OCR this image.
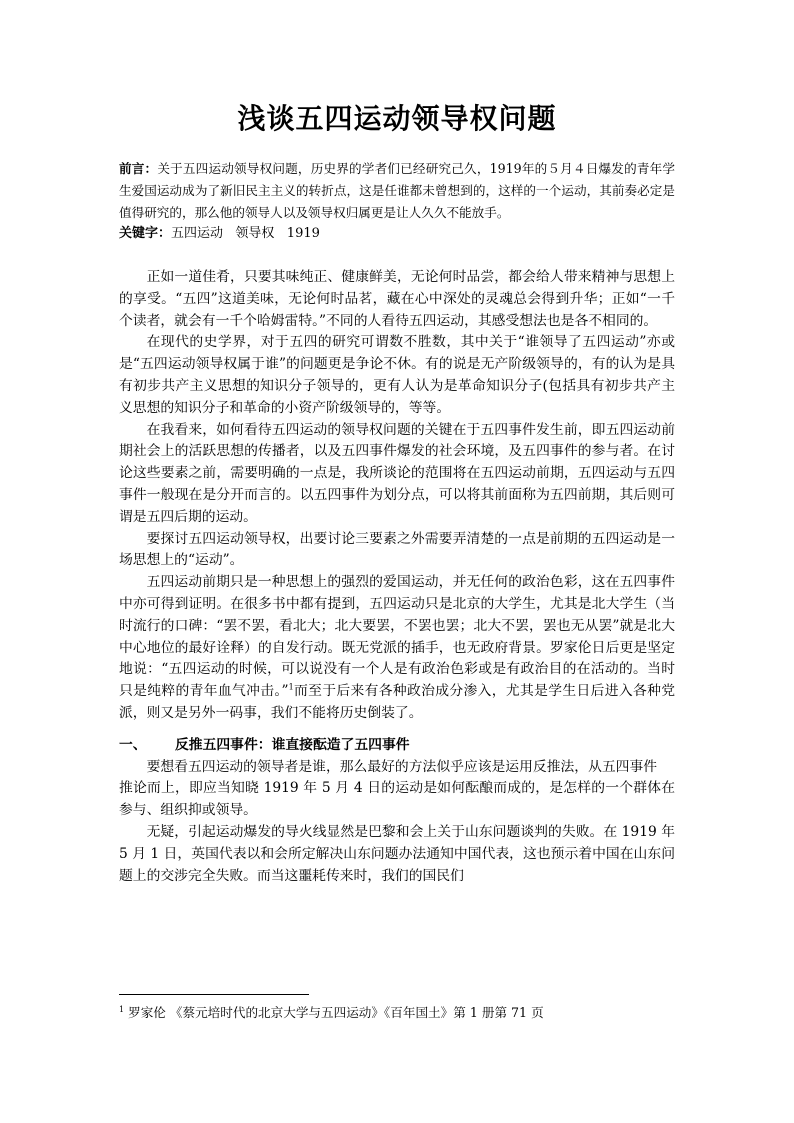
浅谈五四运动领导权问题

前言：关于五四运动领导权问题，历史界的学者们已经研究己久，1919年的５月４日爆发的青年学生爱国运动成为了新旧民主主义的转折点，这是任谁都未曾想到的，这样的一个运动，其前奏必定是值得研究的，那么他的领导人以及领导权归属更是让人久久不能放手。

关键字：五四运动   领导权   1919

正如一道佳肴，只要其味纯正、健康鲜美，无论何时品尝，都会给人带来精神与思想上的享受。“五四”这道美味，无论何时品茗，藏在心中深处的灵魂总会得到升华；正如“一千个读者，就会有一千个哈姆雷特。”不同的人看待五四运动，其感受想法也是各不相同的。

在现代的史学界，对于五四的研究可谓数不胜数，其中关于“谁领导了五四运动”亦或是“五四运动领导权属于谁”的问题更是争论不休。有的说是无产阶级领导的，有的认为是具有初步共产主义思想的知识分子领导的，更有人认为是革命知识分子(包括具有初步共产主义思想的知识分子和革命的小资产阶级领导的，等等。

在我看来，如何看待五四运动的领导权问题的关键在于五四事件发生前，即五四运动前期社会上的活跃思想的传播者，以及五四事件爆发的社会环境，及五四事件的参与者。在讨论这些要素之前，需要明确的一点是，我所谈论的范围将在五四运动前期，五四运动与五四事件一般现在是分开而言的。以五四事件为划分点，可以将其前面称为五四前期，其后则可谓是五四后期的运动。

要探讨五四运动领导权，出要讨论三要素之外需要弄清楚的一点是前期的五四运动是一场思想上的“运动”。

五四运动前期只是一种思想上的强烈的爱国运动，并无任何的政治色彩，这在五四事件中亦可得到证明。在很多书中都有提到，五四运动只是北京的大学生，尤其是北大学生（当时流行的口碑：“罢不罢，看北大；北大要罢，不罢也罢；北大不罢，罢也无从罢”就是北大中心地位的最好诠释）的自发行动。既无党派的插手，也无政府背景。罗家伦日后更是坚定地说：“五四运动的时候，可以说没有一个人是有政治色彩或是有政治目的在活动的。当时只是纯粹的青年血气冲击。”$^1$而至于后来有各种政治成分渗入，尤其是学生日后进入各种党派，则又是另外一码事，我们不能将历史倒装了。

一、 反推五四事件：谁直接酝造了五四事件

要想看五四运动的领导者是谁，那么最好的方法似乎应该是运用反推法，从五四事件

推论而上，即应当知晓 1919 年 5 月 4 日的运动是如何酝酿而成的，是怎样的一个群体在参与、组织抑或领导。

无疑，引起运动爆发的导火线显然是巴黎和会上关于山东问题谈判的失败。在 1919 年 5 月 1 日，英国代表以和会所定解决山东问题办法通知中国代表，这也预示着中国在山东问题上的交涉完全失败。而当这噩耗传来时，我们的国民们

$^1$ 罗家伦 《蔡元培时代的北京大学与五四运动》《百年国土》第 1 册第 71 页
